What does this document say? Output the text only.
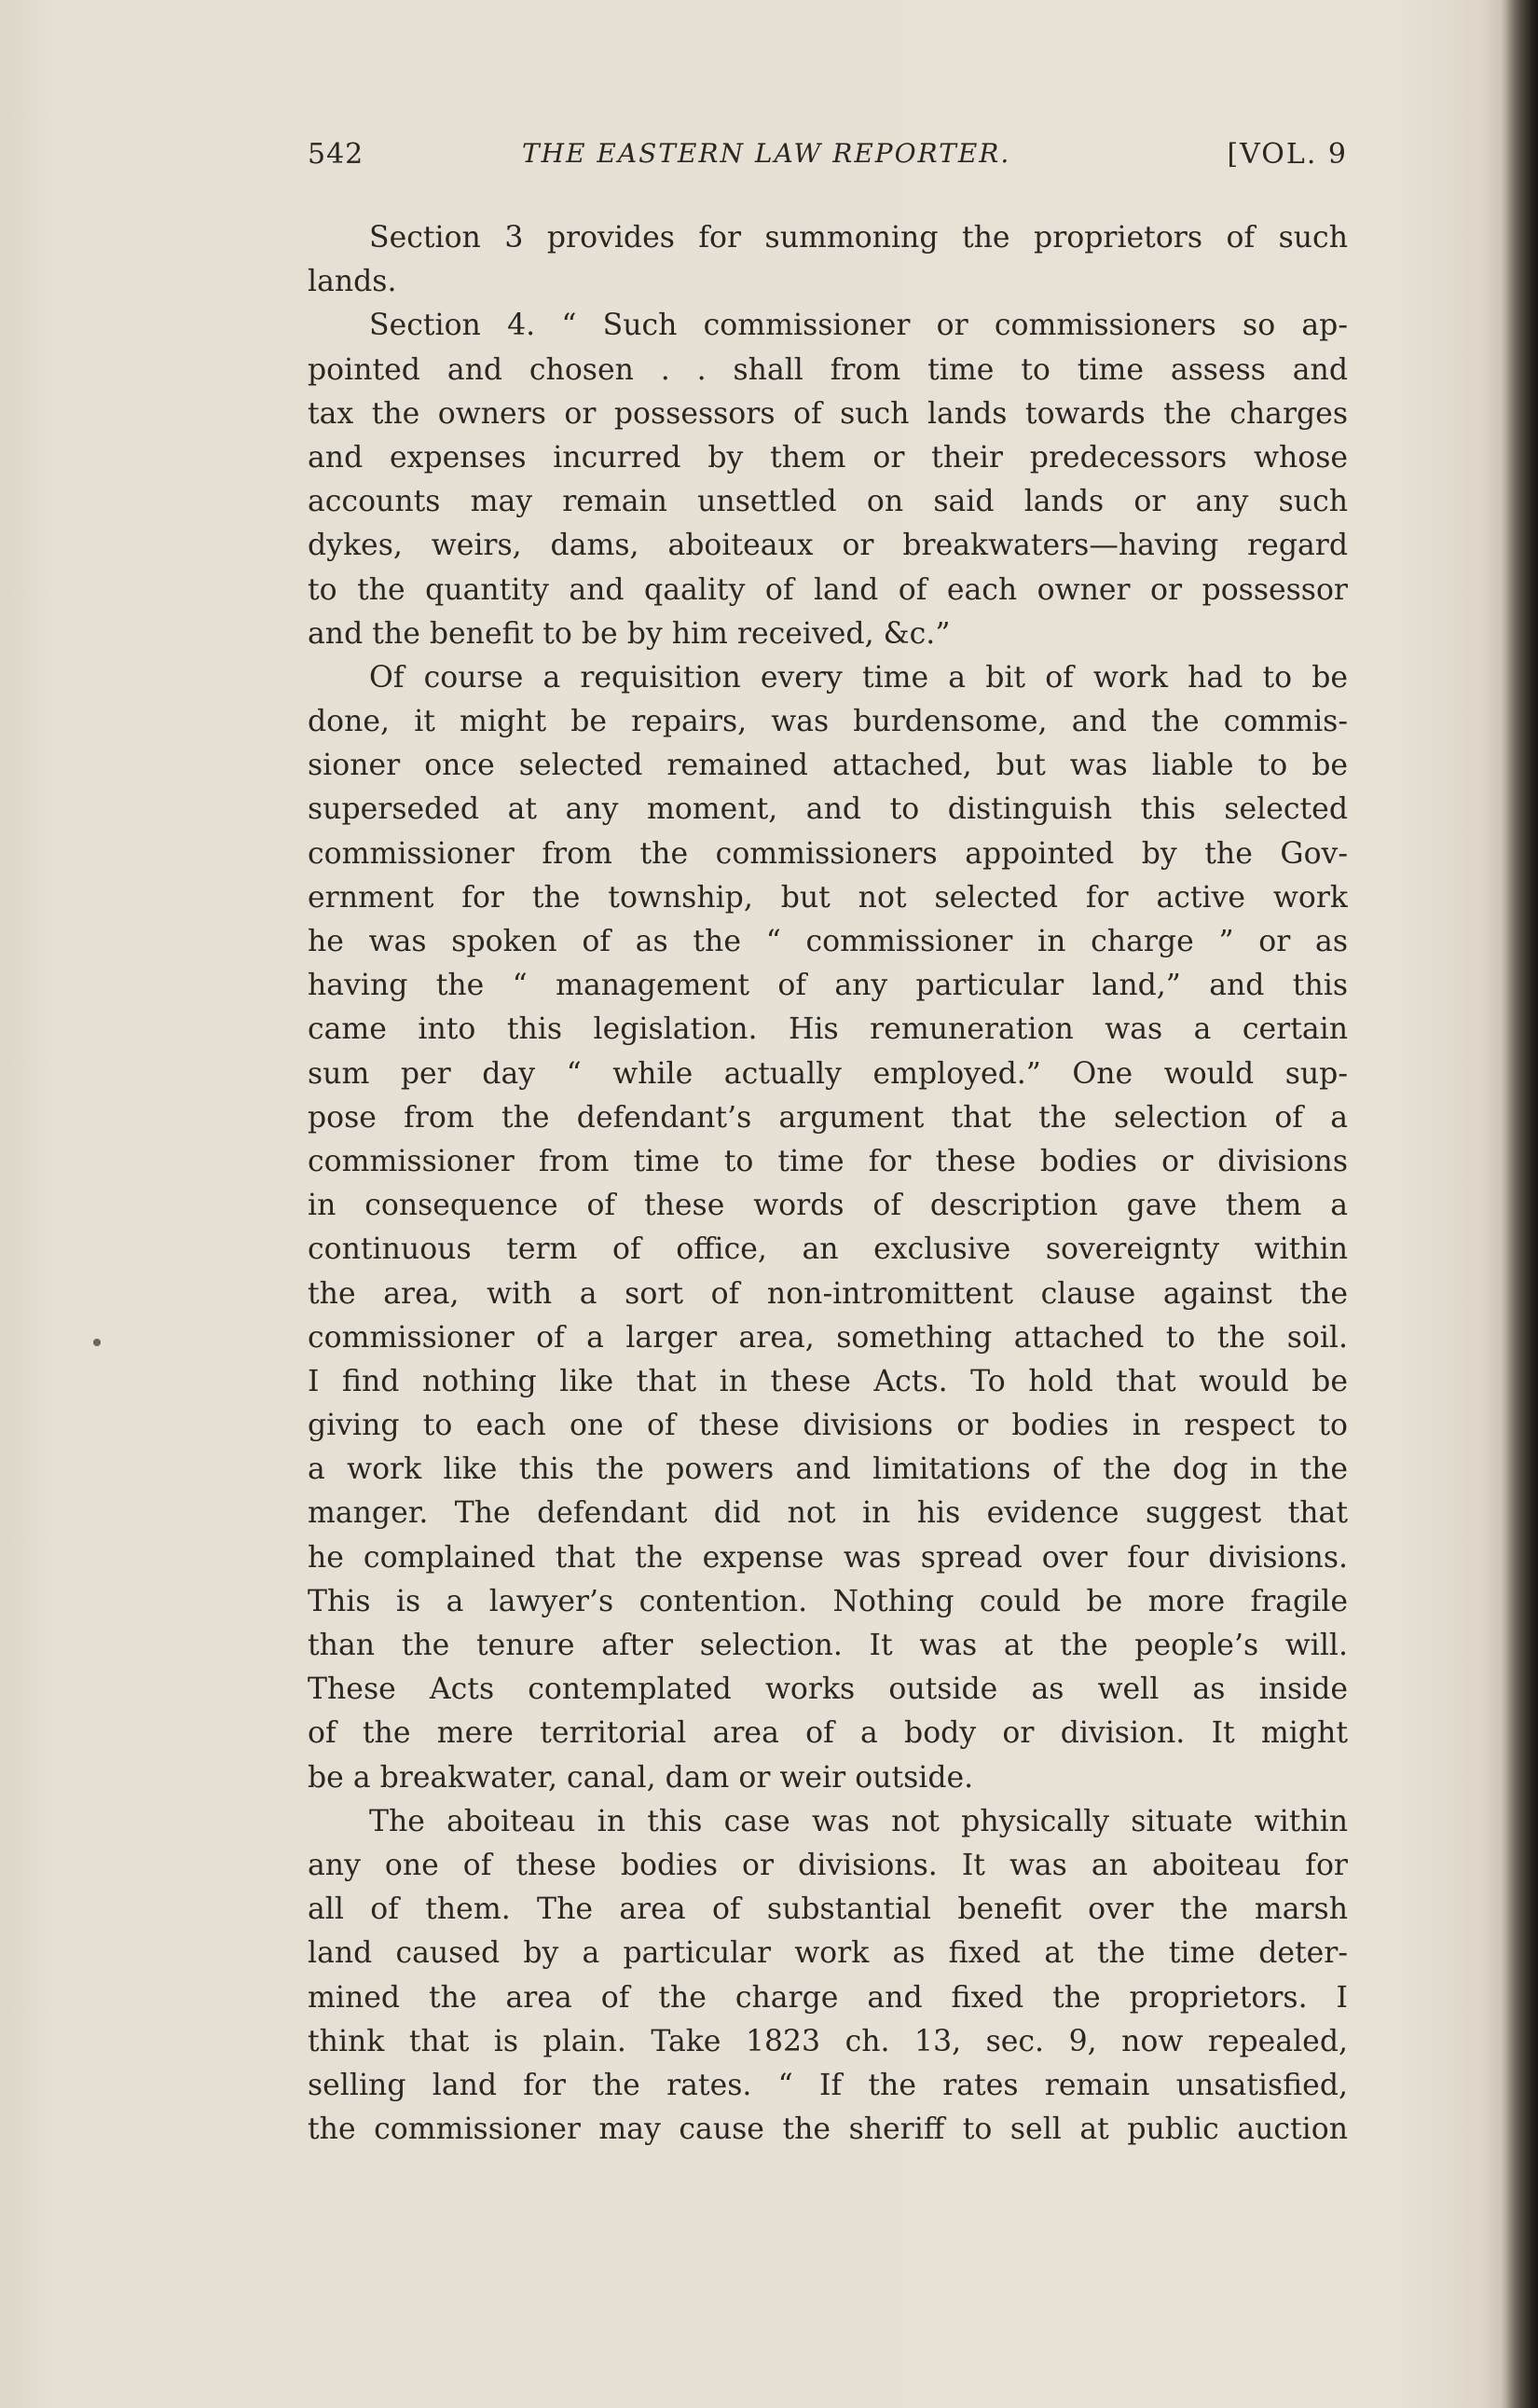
542	THE EASTERN LAW REPORTER.	[VOL. 9
Section 3 provides for summoning the proprietors of such
lands.
Section 4. “ Such commissioner or commissioners so ap-
pointed and chosen . . shall from time to time assess and
tax the owners or possessors of such lands towards the charges
and expenses incurred by them or their predecessors whose
accounts may remain unsettled on said lands or any such
dykes, weirs, dams, aboiteaux or breakwaters—having regard
to the quantity and qaality of land of each owner or possessor
and the benefit to be by him received, &c.”
Of course a requisition every time a bit of work had to be
done, it might be repairs, was burdensome, and the commis-
sioner once selected remained attached, but was liable to be
superseded at any moment, and to distinguish this selected
commissioner from the commissioners appointed by the Gov-
ernment for the township, but not selected for active work
he was spoken of as the “ commissioner in charge ” or as
having the “ management of any particular land,” and this
came into this legislation. His remuneration was a certain
sum per day “ while actually employed.” One would sup-
pose from the defendant’s argument that the selection of a
commissioner from time to time for these bodies or divisions
in consequence of these words of description gave them a
continuous term of office, an exclusive sovereignty within
the area, with a sort of non-intromittent clause against the
commissioner of a larger area, something attached to the soil.
I find nothing like that in these Acts. To hold that would be
giving to each one of these divisions or bodies in respect to
a work like this the powers and limitations of the dog in the
manger. The defendant did not in his evidence suggest that
he complained that the expense was spread over four divisions.
This is a lawyer’s contention. Nothing could be more fragile
than the tenure after selection. It was at the people’s will.
These Acts contemplated works outside as well as inside
of the mere territorial area of a body or division. It might
be a breakwater, canal, dam or weir outside.
The aboiteau in this case was not physically situate within
any one of these bodies or divisions. It was an aboiteau for
all of them. The area of substantial benefit over the marsh
land caused by a particular work as fixed at the time deter-
mined the area of the charge and fixed the proprietors. I
think that is plain. Take 1823 ch. 13, sec. 9, now repealed,
selling land for the rates. “ If the rates remain unsatisfied,
the commissioner may cause the sheriff to sell at public auction
